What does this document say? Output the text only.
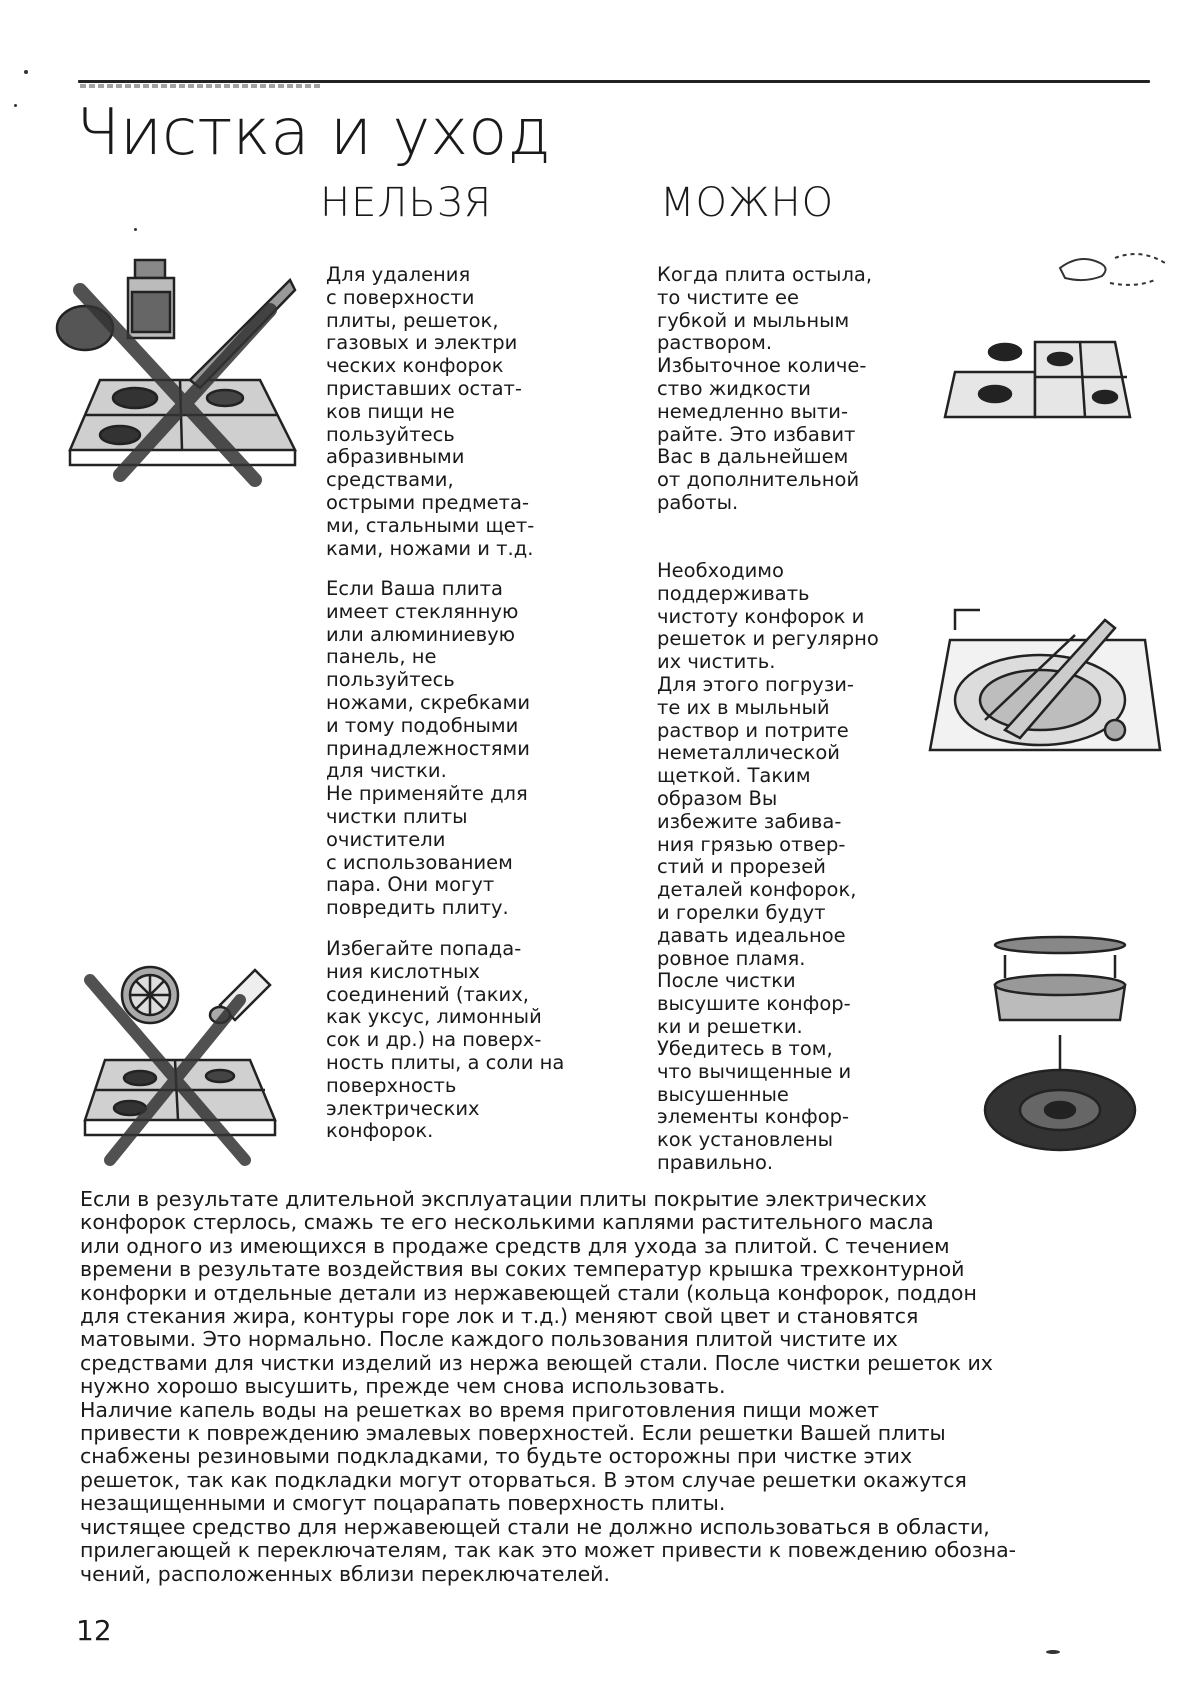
Чистка и уход
НЕЛЬЗЯ	МОЖНО

Для удаления
с поверхности
плиты, решеток,
газовых и электри
ческих конфорок
приставших остат-
ков пищи не
пользуйтесь
абразивными
средствами,
острыми предмета-
ми, стальными щет-
ками, ножами и т.д.

Если Ваша плита
имеет стеклянную
или алюминиевую
панель, не
пользуйтесь
ножами, скребками
и тому подобными
принадлежностями
для чистки.
Не применяйте для
чистки плиты
очистители
с использованием
пара. Они могут
повредить плиту.

Избегайте попада-
ния кислотных
соединений (таких,
как уксус, лимонный
сок и др.) на поверх-
ность плиты, а соли на
поверхность
электрических
конфорок.

Когда плита остыла,
то чистите ее
губкой и мыльным
раствором.
Избыточное количе-
ство жидкости
немедленно выти-
райте. Это избавит
Вас в дальнейшем
от дополнительной
работы.

Необходимо
поддерживать
чистоту конфорок и
решеток и регулярно
их чистить.
Для этого погрузи-
те их в мыльный
раствор и потрите
неметаллической
щеткой. Таким
образом Вы
избежите забива-
ния грязью отвер-
стий и прорезей
деталей конфорок,
и горелки будут
давать идеальное
ровное пламя.
После чистки
высушите конфор-
ки и решетки.

Убедитесь в том,
что вычищенные и
высушенные
элементы конфор-
кок установлены
правильно.

Если в результате длительной эксплуатации плиты покрытие электрических
конфорок стерлось, смажь те его несколькими каплями растительного масла
или одного из имеющихся в продаже средств для ухода за плитой. С течением
времени в результате воздействия вы соких температур крышка трехконтурной
конфорки и отдельные детали из нержавеющей стали (кольца конфорок, поддон
для стекания жира, контуры горе лок и т.д.) меняют свой цвет и становятся
матовыми. Это нормально. После каждого пользования плитой чистите их
средствами для чистки изделий из нержа веющей стали. После чистки решеток их
нужно хорошо высушить, прежде чем снова использовать.
Наличие капель воды на решетках во время приготовления пищи может
привести к повреждению эмалевых поверхностей. Если решетки Вашей плиты
снабжены резиновыми подкладками, то будьте осторожны при чистке этих
решеток, так как подкладки могут оторваться. В этом случае решетки окажутся
незащищенными и смогут поцарапать поверхность плиты.
чистящее средство для нержавеющей стали не должно использоваться в области,
прилегающей к переключателям, так как это может привести к повеждению обозна-
чений, расположенных вблизи переключателей.

12
